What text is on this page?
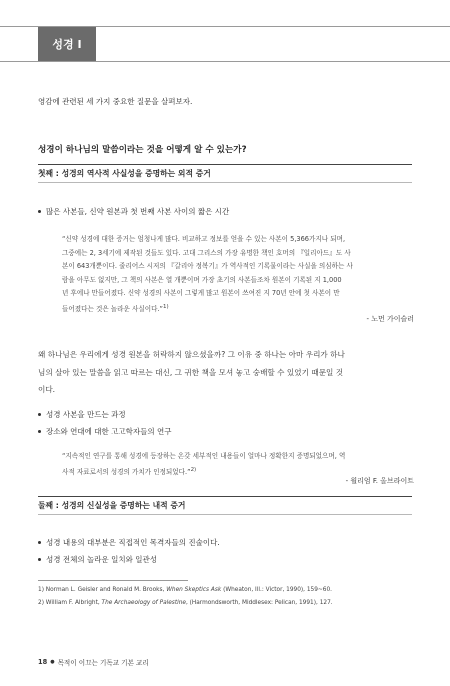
성경 I
영감에 관련된 세 가지 중요한 질문을 살펴보자.
성경이 하나님의 말씀이라는 것을 어떻게 알 수 있는가?
첫째 : 성경의 역사적 사실성을 증명하는 외적 증거
많은 사본들, 신약 원본과 첫 번째 사본 사이의 짧은 시간

“신약 성경에 대한 증거는 엄청나게 많다. 비교하고 정보를 얻을 수 있는 사본이 5,366가지나 되며,

그중에는 2, 3세기에 제작된 것들도 있다. 고대 그리스의 가장 유명한 책인 호머의 『일리아드』도 사

본이 643개뿐이다. 줄리어스 시저의 『갈리아 정복기』가 역사적인 기록물이라는 사실을 의심하는 사

람을 아무도 없지만, 그 책의 사본은 열 개뿐이며 가장 초기의 사본들조차 원본이 기록된 지 1,000

년 후에나 만들어졌다. 신약 성경의 사본이 그렇게 많고 원본이 쓰여진 지 70년 안에 첫 사본이 만

들어졌다는 것은 놀라운 사실이다.”$^{1)}$

- 노먼 가이슬러
왜 하나님은 우리에게 성경 원본을 허락하지 않으셨을까? 그 이유 중 하나는 아마 우리가 하나
님의 살아 있는 말씀을 읽고 따르는 대신, 그 귀한 책을 모셔 놓고 숭배할 수 있었기 때문일 것
이다.
성경 사본을 만드는 과정
장소와 연대에 대한 고고학자들의 연구

“지속적인 연구를 통해 성경에 등장하는 온갖 세부적인 내용들이 얼마나 정확한지 증명되었으며, 역

사적 자료로서의 성경의 가치가 인정되었다.”$^{2)}$

- 윌리엄 F. 올브라이트
둘째 : 성경의 신실성을 증명하는 내적 증거
성경 내용의 대부분은 직접적인 목격자들의 진술이다.
성경 전체의 놀라운 일치와 일관성
1) Norman L. Geisler and Ronald M. Brooks, When Skeptics Ask (Wheaton, Ill.: Victor, 1990), 159~60.
2) William F. Albright, The Archaeology of Palestine, (Harmondsworth, Middlesex: Pelican, 1991), 127.
18 ● 목적이 이끄는 기독교 기본 교리
